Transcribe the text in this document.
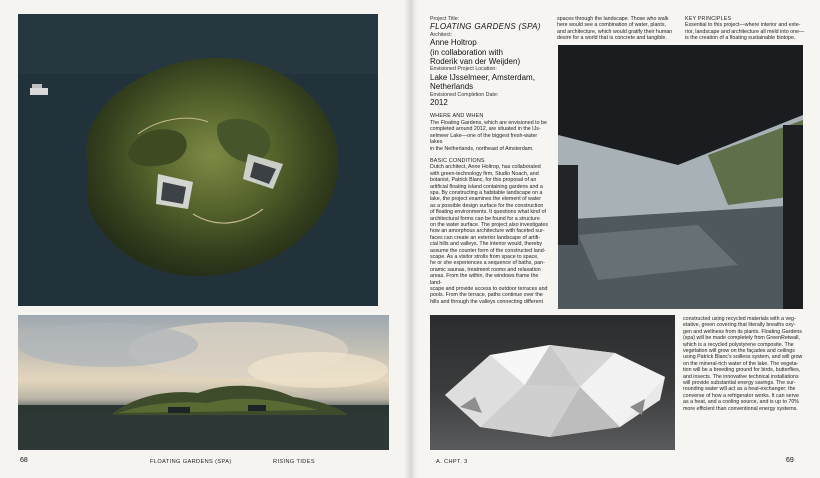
Project Title:
FLOATING GARDENS (SPA)
Architect:
Anne Holtrop
(in collaboration with
Roderik van der Weijden)
Envisioned Project Location:
Lake IJsselmeer, Amsterdam,
Netherlands
Envisioned Completion Date:
2012
WHERE AND WHEN
The Floating Gardens, which are envisioned to be
completed around 2012, are situated in the IJs-
selmeer Lake—one of the biggest fresh-water lakes
in the Netherlands, northeast of Amsterdam.
BASIC CONDITIONS
Dutch architect, Anne Holtrop, has collaborated
with green-technology firm, Studio Noach, and
botanist, Patrick Blanc, for this proposal of an
artificial floating island containing gardens and a
spa. By constructing a habitable landscape on a
lake, the project examines the element of water
as a possible design surface for the construction
of floating environments. It questions what kind of
architectural forms can be found for a structure
on the water surface. The project also investigates
how an amorphous architecture with faceted sur-
faces can create an exterior landscape of artifi-
cial hills and valleys. The interior would, thereby
assume the counter form of the constructed land-
scape. As a visitor strolls from space to space,
he or she experiences a sequence of baths, pan-
oramic saunas, treatment rooms and relaxation
areas. From the within, the windows frame the land-
scape and provide access to outdoor terraces and
pools. From the terrace, paths continue over the
hills and through the valleys connecting different
spaces through the landscape. Those who walk
here would see a combination of water, plants,
and architecture, which would gratify their human
desire for a world that is concrete and tangible.
KEY PRINCIPLES
Essential to this project—where interior and exte-
rior, landscape and architecture all meld into one—
is the creation of a floating sustainable biotope.
constructed using recycled materials with a veg-
etative, green covering that literally breaths oxy-
gen and wellness from its plants. Floating Gardens
(spa) will be made completely from GreenRetwall,
which is a recycled polystyrene composite. The
vegetation will grow on the façades and ceilings
using Patrick Blanc's soilless system, and will grow
on the mineral-rich water of the lake. The vegeta-
tion will be a breeding ground for birds, butterflies,
and insects. The innovative technical installations
will provide substantial energy savings. The sur-
rounding water will act as a heat-exchanger; the
converse of how a refrigerator works. It can serve
as a heat, and a cooling source, and is up to 70%
more efficient than conventional energy systems.
68	FLOATING GARDENS (SPA)	RISING TIDES	A. CHPT. 3	69
